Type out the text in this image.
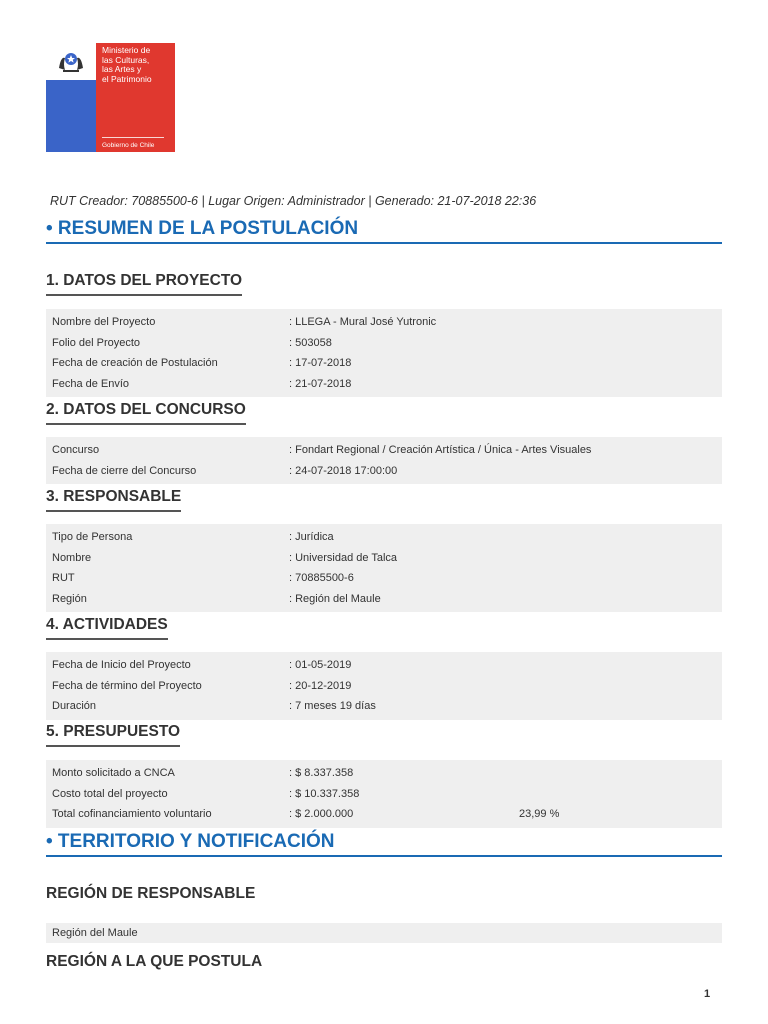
Ministerio de
las Culturas,
las Artes y
el Patrimonio
Gobierno de Chile
RUT Creador: 70885500-6 | Lugar Origen: Administrador | Generado: 21-07-2018 22:36
• RESUMEN DE LA POSTULACIÓN
1. DATOS DEL PROYECTO
Nombre del Proyecto	: LLEGA - Mural José Yutronic
Folio del Proyecto	: 503058
Fecha de creación de Postulación	: 17-07-2018
Fecha de Envío	: 21-07-2018
2. DATOS DEL CONCURSO
Concurso	: Fondart Regional / Creación Artística / Única - Artes Visuales
Fecha de cierre del Concurso	: 24-07-2018 17:00:00
3. RESPONSABLE
Tipo de Persona	: Jurídica
Nombre	: Universidad de Talca
RUT	: 70885500-6
Región	: Región del Maule
4. ACTIVIDADES
Fecha de Inicio del Proyecto	: 01-05-2019
Fecha de término del Proyecto	: 20-12-2019
Duración	: 7 meses 19 días
5. PRESUPUESTO
Monto solicitado a CNCA	: $ 8.337.358
Costo total del proyecto	: $ 10.337.358
Total cofinanciamiento voluntario	: $ 2.000.000	23,99 %
• TERRITORIO Y NOTIFICACIÓN
REGIÓN DE RESPONSABLE
Región del Maule
REGIÓN A LA QUE POSTULA
1
